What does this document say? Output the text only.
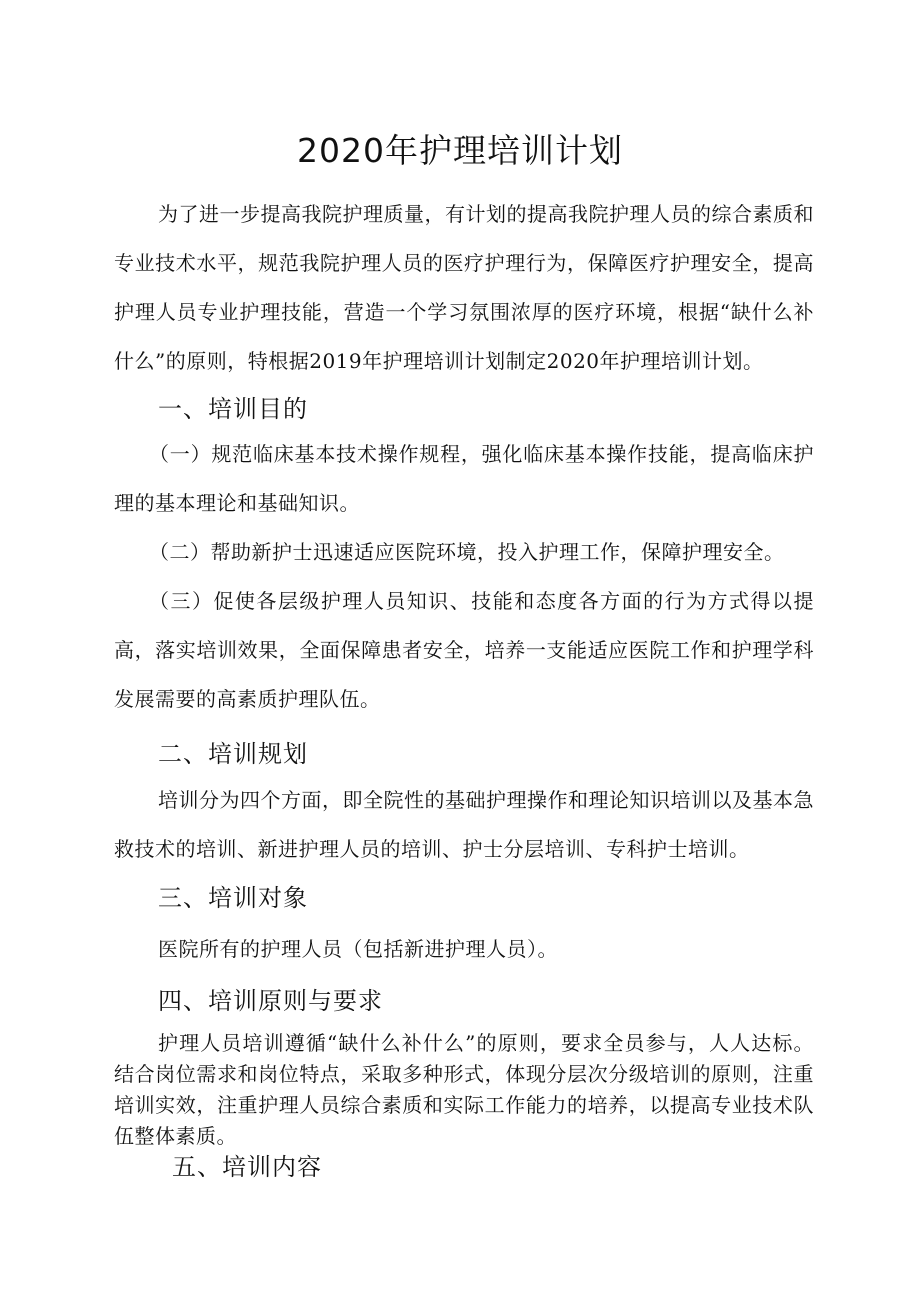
2020年护理培训计划
为了进一步提高我院护理质量，有计划的提高我院护理人员的综合素质和专业技术水平，规范我院护理人员的医疗护理行为，保障医疗护理安全，提高护理人员专业护理技能，营造一个学习氛围浓厚的医疗环境，根据“缺什么补什么”的原则，特根据2019年护理培训计划制定2020年护理培训计划。
一、培训目的
（一）规范临床基本技术操作规程，强化临床基本操作技能，提高临床护理的基本理论和基础知识。
（二）帮助新护士迅速适应医院环境，投入护理工作，保障护理安全。
（三）促使各层级护理人员知识、技能和态度各方面的行为方式得以提高，落实培训效果，全面保障患者安全，培养一支能适应医院工作和护理学科发展需要的高素质护理队伍。
二、培训规划
培训分为四个方面，即全院性的基础护理操作和理论知识培训以及基本急救技术的培训、新进护理人员的培训、护士分层培训、专科护士培训。
三、培训对象
医院所有的护理人员（包括新进护理人员）。
四、培训原则与要求
护理人员培训遵循“缺什么补什么”的原则，要求全员参与，人人达标。结合岗位需求和岗位特点，采取多种形式，体现分层次分级培训的原则，注重培训实效，注重护理人员综合素质和实际工作能力的培养，以提高专业技术队伍整体素质。
五、培训内容
